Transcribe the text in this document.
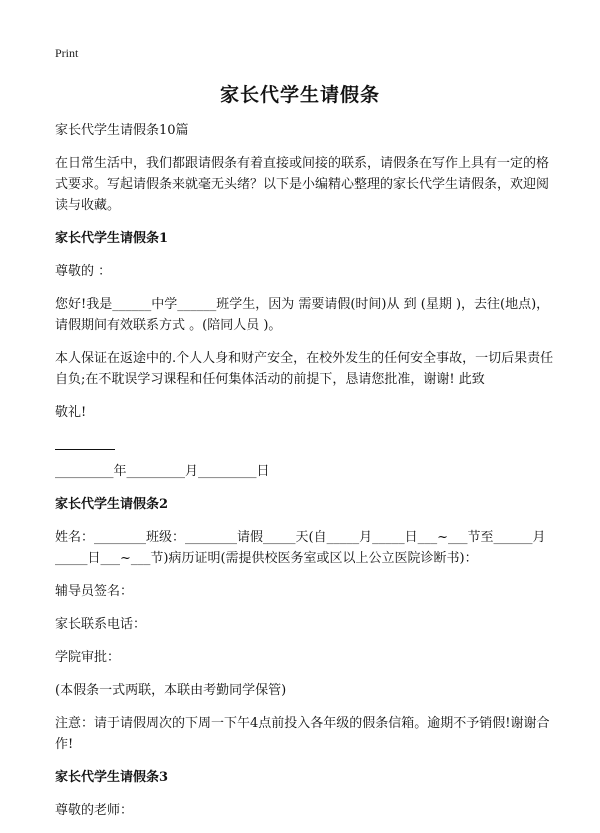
Print
家长代学生请假条

家长代学生请假条10篇

在日常生活中，我们都跟请假条有着直接或间接的联系，请假条在写作上具有一定的格式要求。写起请假条来就毫无头绪？以下是小编精心整理的家长代学生请假条，欢迎阅读与收藏。

家长代学生请假条1

尊敬的 ：

您好!我是______中学______班学生，因为 需要请假(时间)从 到 (星期 )，去往(地点)，请假期间有效联系方式 。(陪同人员 )。

本人保证在返途中的.个人人身和财产安全，在校外发生的任何安全事故，一切后果责任自负;在不耽误学习课程和任何集体活动的前提下，恳请您批准，谢谢! 此致

敬礼!

_________年_________月_________日

家长代学生请假条2

姓名：________班级：________请假_____天(自_____月_____日___~___节至______月_____日___~___节)病历证明(需提供校医务室或区以上公立医院诊断书)：

辅导员签名：

家长联系电话：

学院审批：

(本假条一式两联，本联由考勤同学保管)

注意：请于请假周次的下周一下午4点前投入各年级的假条信箱。逾期不予销假!谢谢合作!

家长代学生请假条3

尊敬的老师：
